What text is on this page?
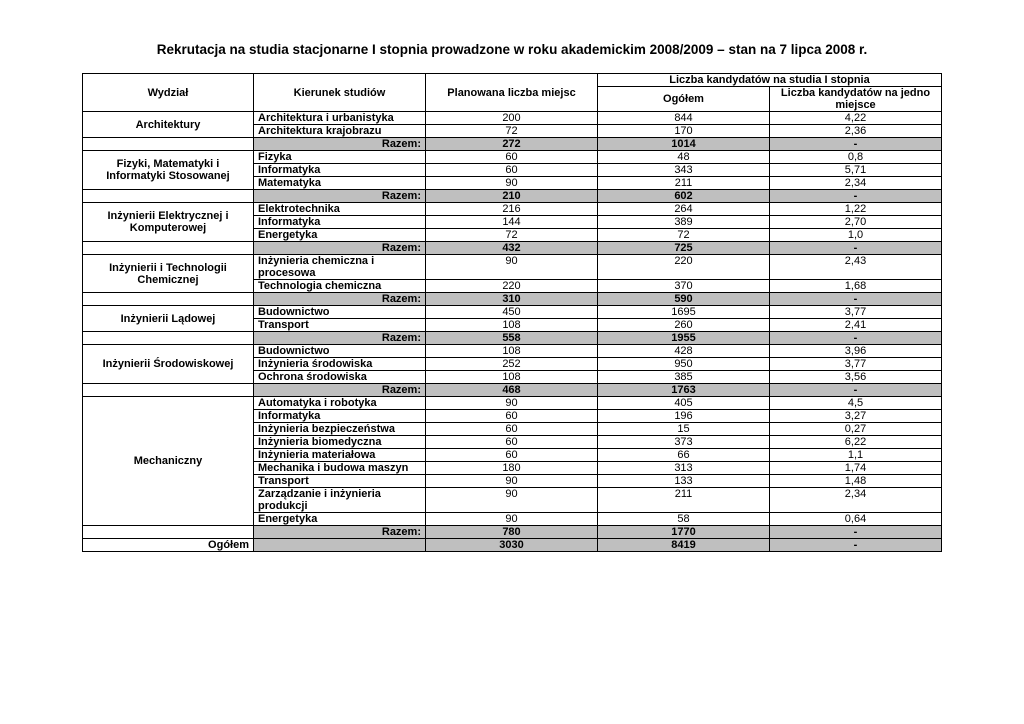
Rekrutacja na studia stacjonarne I stopnia prowadzone w roku akademickim 2008/2009 – stan na 7 lipca 2008 r.
Wydział	Kierunek studiów	Planowana liczba miejsc	Liczba kandydatów na studia I stopnia	
			Ogółem	Liczba kandydatów na jedno miejsce
Architektury	Architektura i urbanistyka	200	844	4,22
	Architektura krajobrazu	72	170	2,36
	Razem:	272	1014	-
Fizyki, Matematyki i Informatyki Stosowanej	Fizyka	60	48	0,8
	Informatyka	60	343	5,71
	Matematyka	90	211	2,34
	Razem:	210	602	-
Inżynierii Elektrycznej i Komputerowej	Elektrotechnika	216	264	1,22
	Informatyka	144	389	2,70
	Energetyka	72	72	1,0
	Razem:	432	725	-
Inżynierii i Technologii Chemicznej	Inżynieria chemiczna i procesowa	90	220	2,43
	Technologia chemiczna	220	370	1,68
	Razem:	310	590	-
Inżynierii Lądowej	Budownictwo	450	1695	3,77
	Transport	108	260	2,41
	Razem:	558	1955	-
Inżynierii Środowiskowej	Budownictwo	108	428	3,96
	Inżynieria środowiska	252	950	3,77
	Ochrona środowiska	108	385	3,56
	Razem:	468	1763	-
Mechaniczny	Automatyka i robotyka	90	405	4,5
	Informatyka	60	196	3,27
	Inżynieria bezpieczeństwa	60	15	0,27
	Inżynieria biomedyczna	60	373	6,22
	Inżynieria materiałowa	60	66	1,1
	Mechanika i budowa maszyn	180	313	1,74
	Transport	90	133	1,48
	Zarządzanie i inżynieria produkcji	90	211	2,34
	Energetyka	90	58	0,64
	Razem:	780	1770	-
Ogółem		3030	8419	-
